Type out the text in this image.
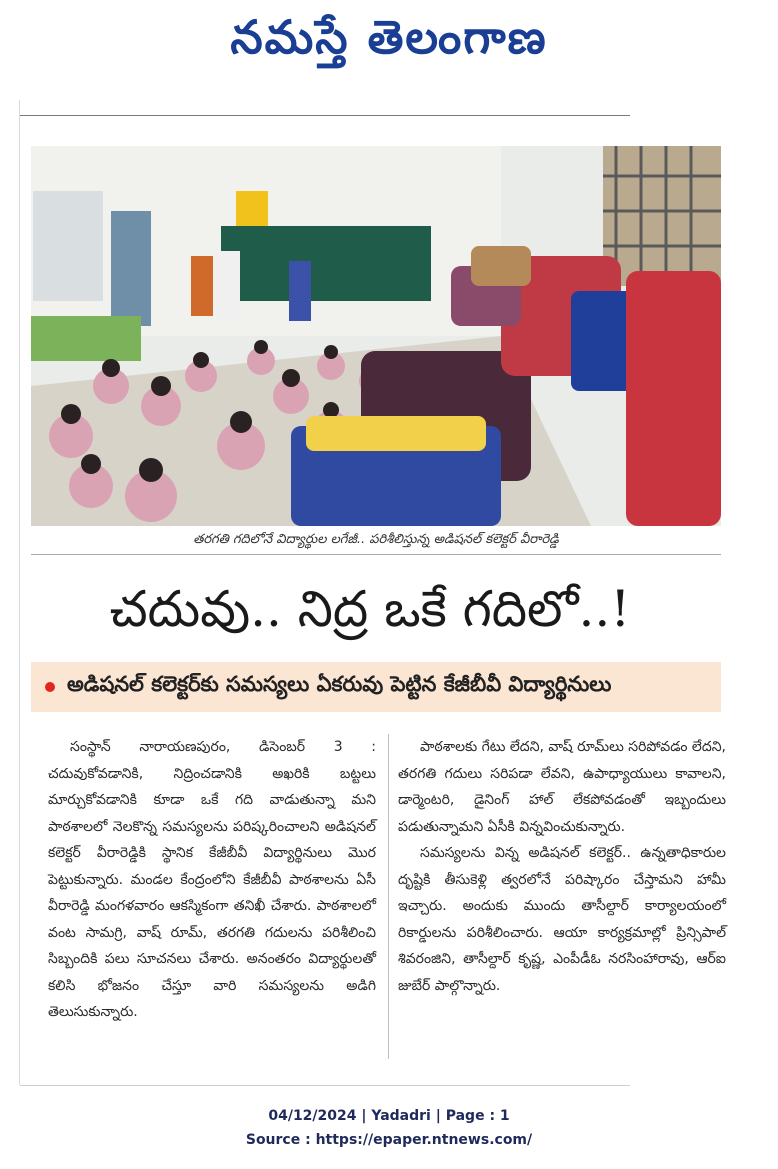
నమస్తే తెలంగాణ
తరగతి గదిలోనే విద్యార్థుల లగేజీ.. పరిశీలిస్తున్న అడిషనల్ కలెక్టర్ వీరారెడ్డి
చదువు.. నిద్ర ఒకే గదిలో..!
అడిషనల్ కలెక్టర్‌కు సమస్యలు ఏకరువు పెట్టిన కేజీబీవీ విద్యార్థినులు

సంస్థాన్ నారాయణపురం, డిసెంబర్ 3 : చదువుకోవడానికి, నిద్రించడానికి అఖరికి బట్టలు మార్చుకోవడానికి కూడా ఒకే గది వాడుతున్నా మని పాఠశాలలో నెలకొన్న సమస్యలను పరిష్కరించాలని అడిషనల్ కలెక్టర్ వీరారెడ్డికి స్థానిక కేజీబీవీ విద్యార్థినులు మొర పెట్టుకున్నారు. మండల కేంద్రంలోని కేజీబీవీ పాఠశాలను ఏసీ వీరారెడ్డి మంగళవారం ఆకస్మికంగా తనిఖీ చేశారు. పాఠశాలలో వంట సామగ్రి, వాష్ రూమ్, తరగతి గదులను పరిశీలించి సిబ్బందికి పలు సూచనలు చేశారు. అనంతరం విద్యార్థులతో కలిసి భోజనం చేస్తూ వారి సమస్యలను అడిగి తెలుసుకున్నారు.

పాఠశాలకు గేటు లేదని, వాష్ రూమ్‌లు సరిపోవడం లేదని, తరగతి గదులు సరిపడా లేవని, ఉపాధ్యాయులు కావాలని, డార్మెంటరి, డైనింగ్ హాల్ లేకపోవడంతో ఇబ్బందులు పడుతున్నామని ఏసీకి విన్నవించుకున్నారు.

సమస్యలను విన్న అడిషనల్ కలెక్టర్.. ఉన్నతాధికారుల దృష్టికి తీసుకెళ్లి త్వరలోనే పరిష్కారం చేస్తామని హామీ ఇచ్చారు. అందుకు ముందు తాసీల్దార్ కార్యాలయంలో రికార్డులను పరిశీలించారు. ఆయా కార్యక్రమాల్లో ప్రిన్సిపాల్ శివరంజిని, తాసీల్దార్ కృష్ణ, ఎంపీడీఓ నరసింహారావు, ఆర్ఐ జుబేర్ పాల్గొన్నారు.

04/12/2024 | Yadadri | Page : 1
Source : https://epaper.ntnews.com/
